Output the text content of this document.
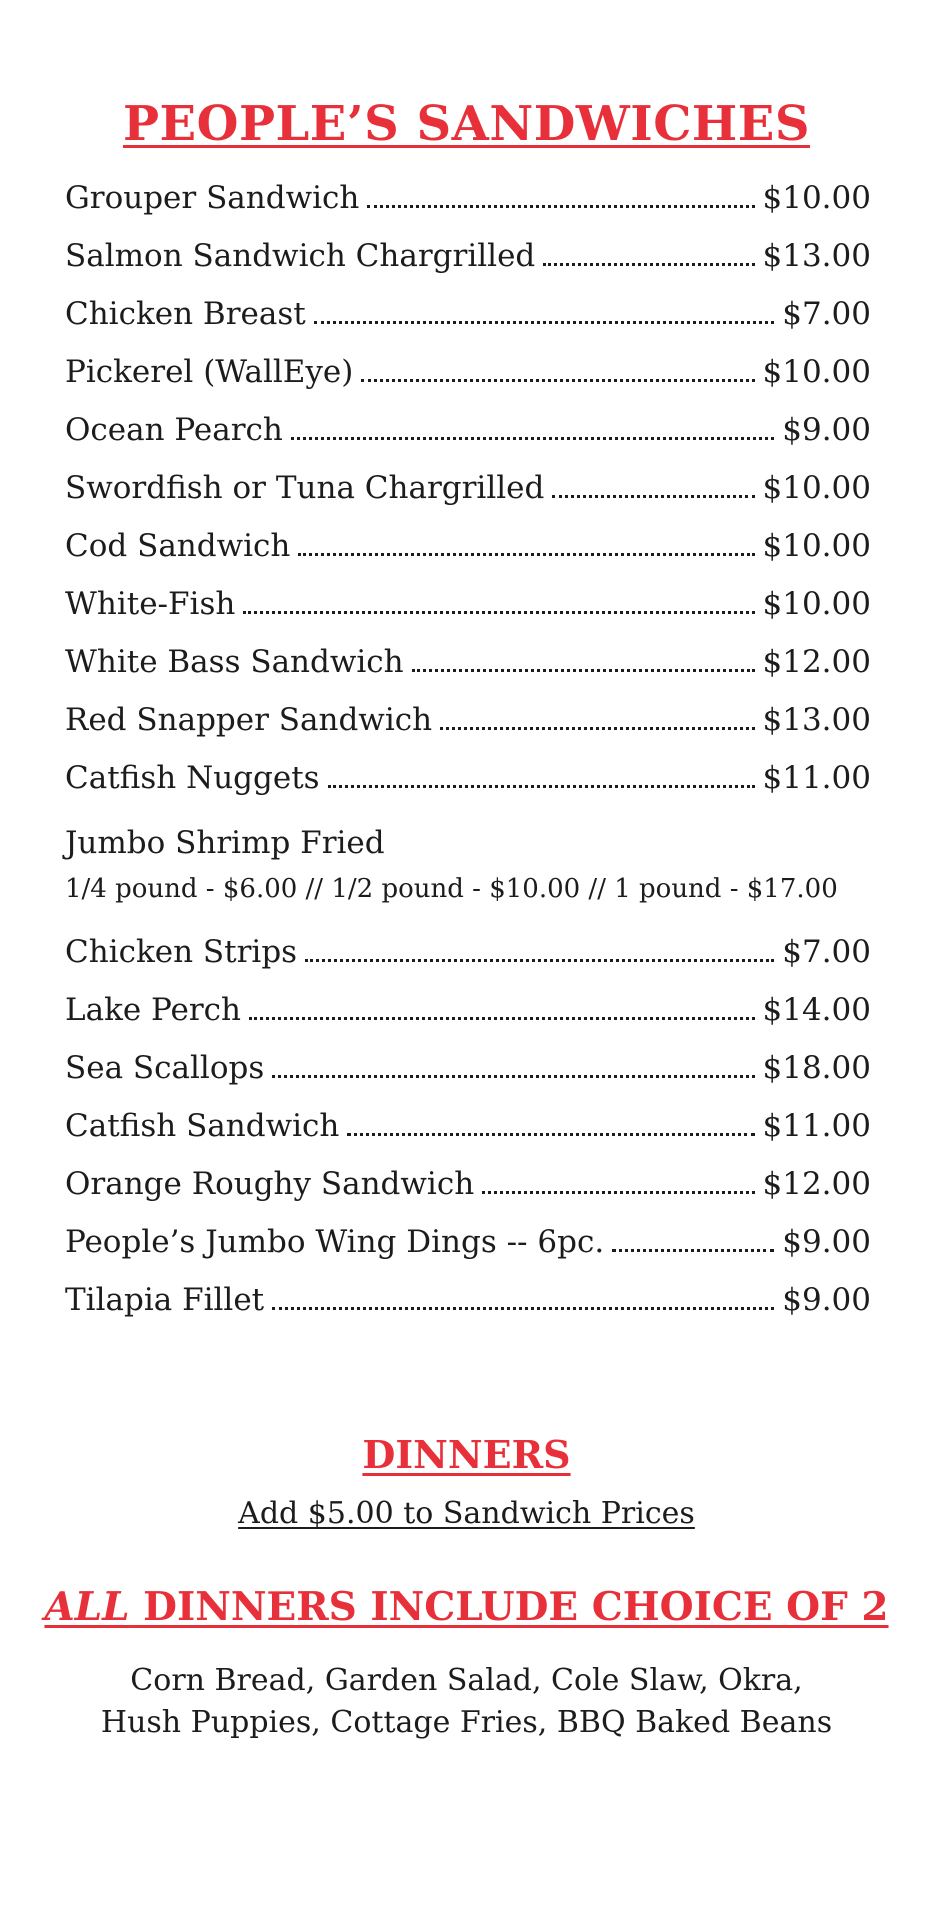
PEOPLE’S SANDWICHES
Grouper Sandwich	$10.00
Salmon Sandwich Chargrilled	$13.00
Chicken Breast	$7.00
Pickerel (WallEye)	$10.00
Ocean Pearch	$9.00
Swordfish or Tuna Chargrilled	$10.00
Cod Sandwich	$10.00
White-Fish	$10.00
White Bass Sandwich	$12.00
Red Snapper Sandwich	$13.00
Catfish Nuggets	$11.00
Jumbo Shrimp Fried
1/4 pound - $6.00 // 1/2 pound - $10.00 // 1 pound - $17.00
Chicken Strips	$7.00
Lake Perch	$14.00
Sea Scallops	$18.00
Catfish Sandwich	$11.00
Orange Roughy Sandwich	$12.00
People’s Jumbo Wing Dings -- 6pc.	$9.00
Tilapia Fillet	$9.00
DINNERS

Add $5.00 to Sandwich Prices

ALL DINNERS INCLUDE CHOICE OF 2

Corn Bread, Garden Salad, Cole Slaw, Okra,
Hush Puppies, Cottage Fries, BBQ Baked Beans
